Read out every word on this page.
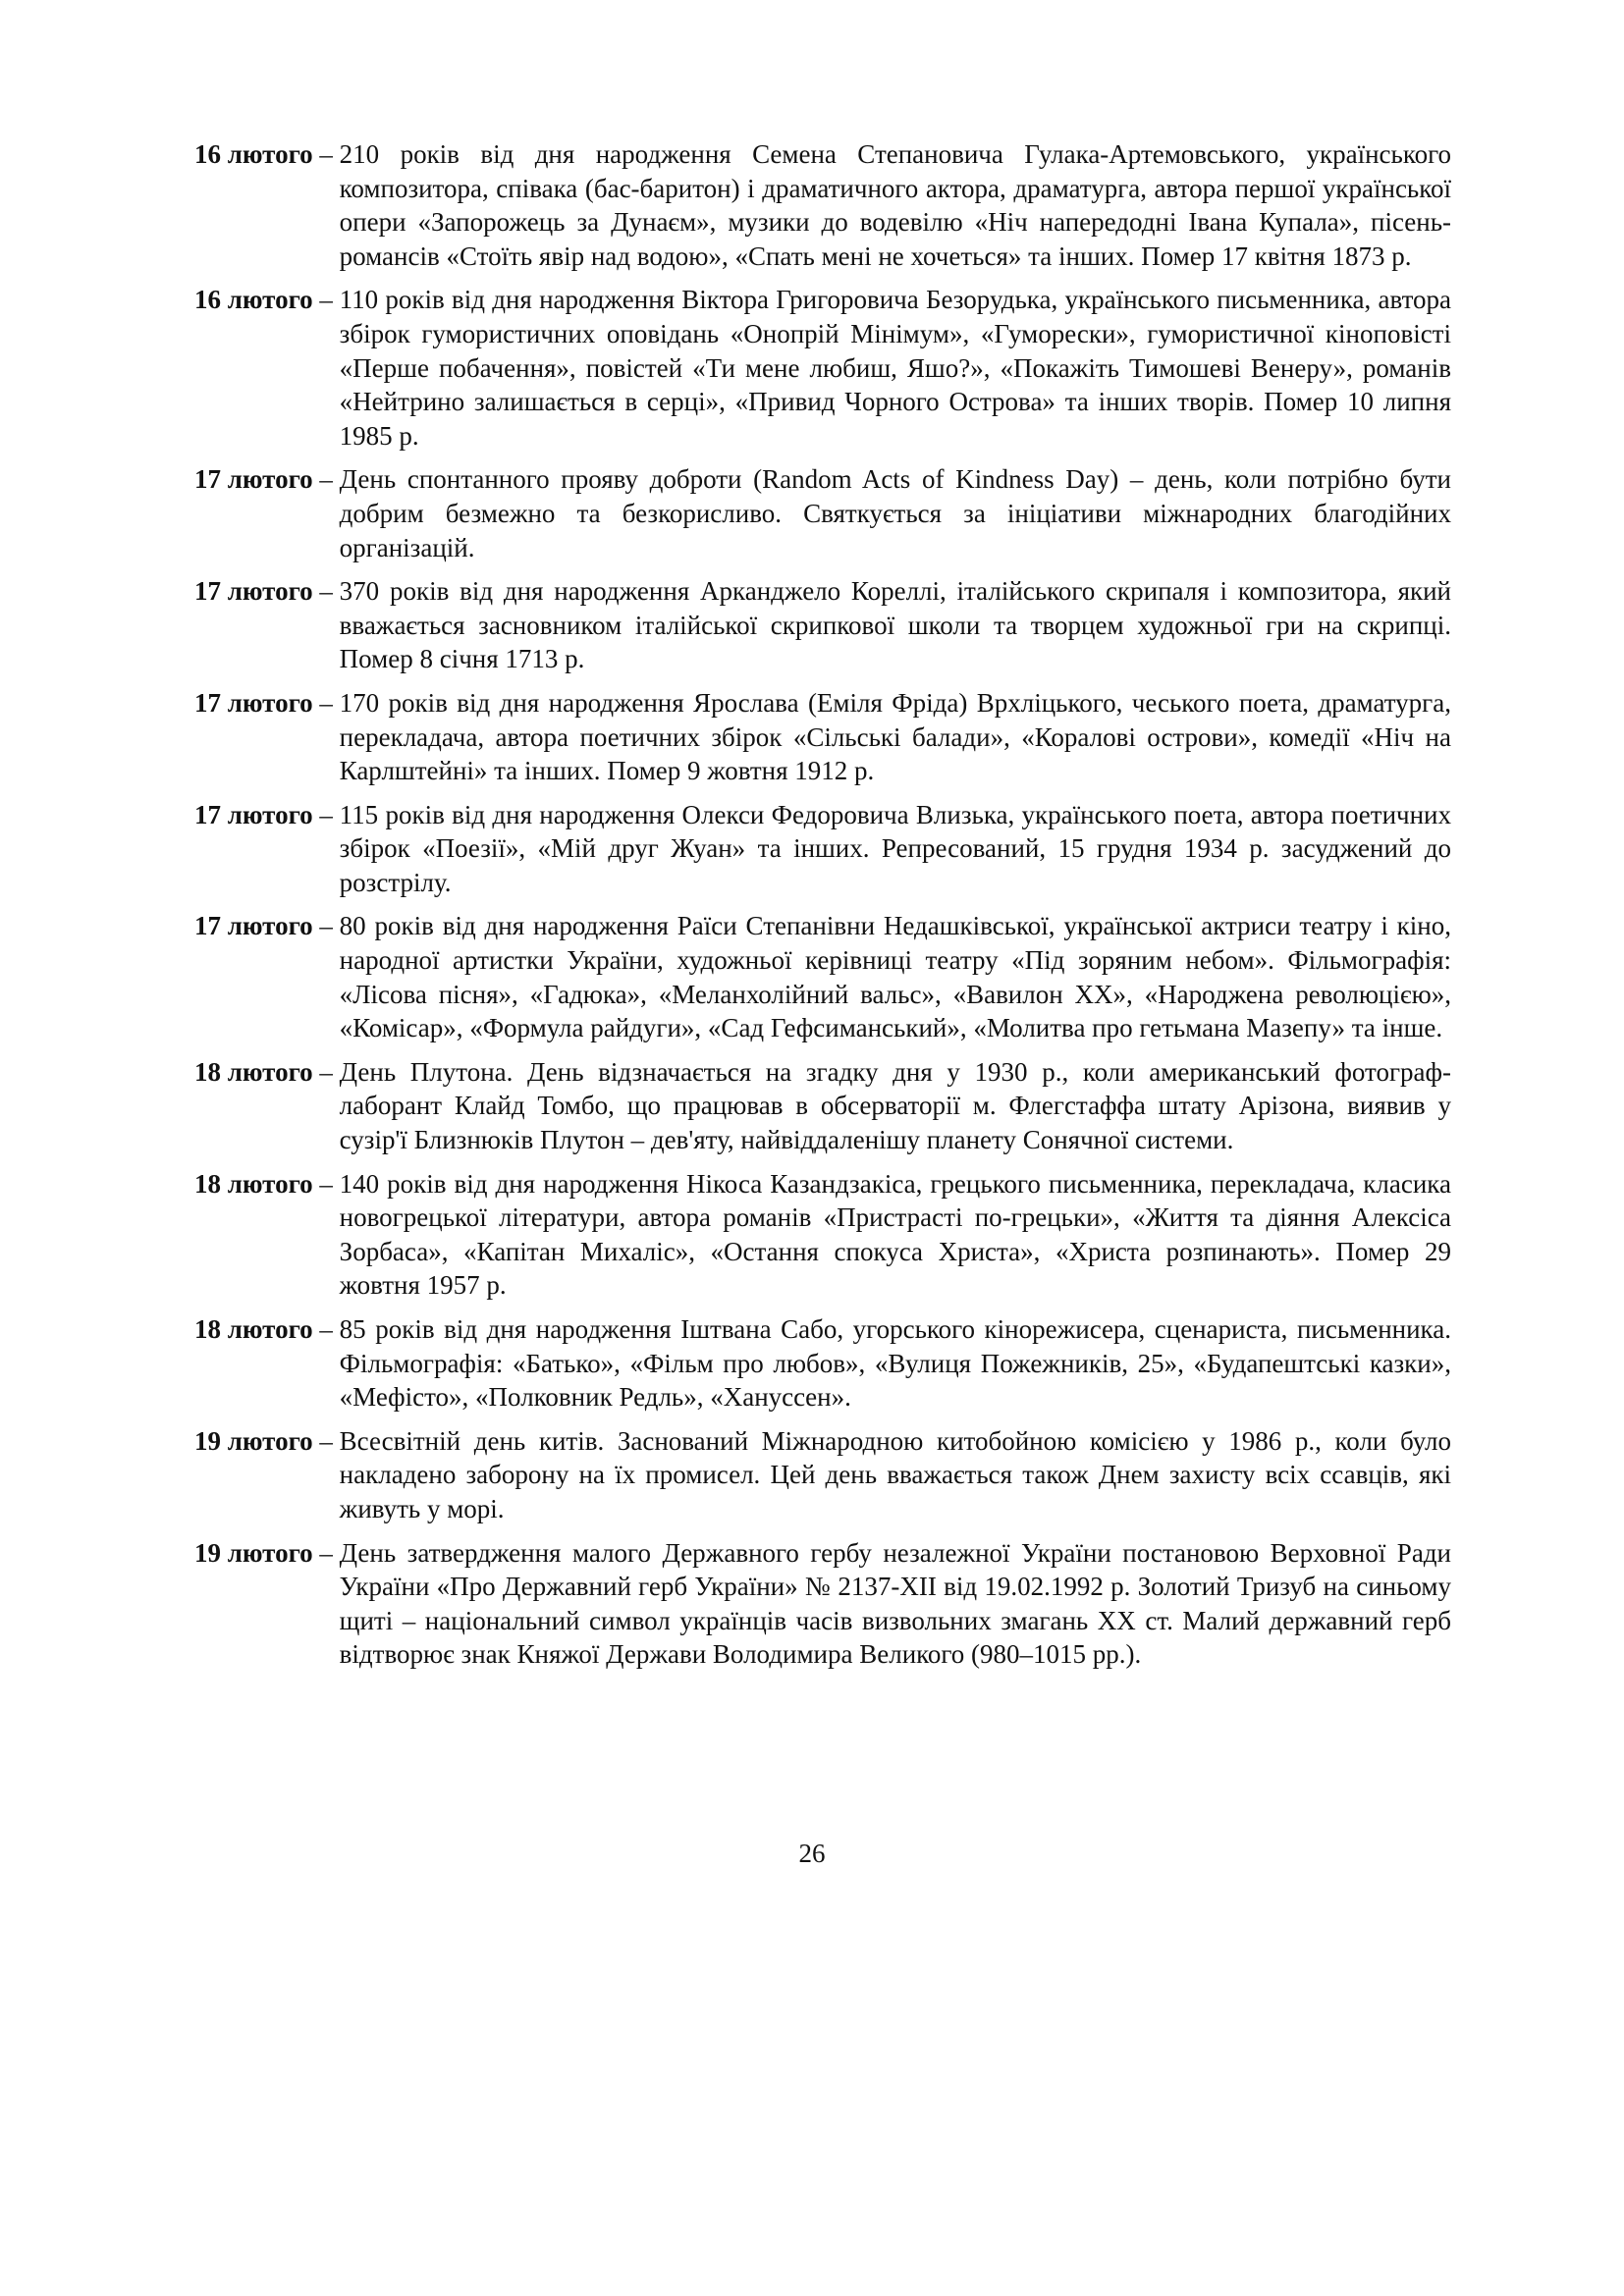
16 лютого – 210 років від дня народження Семена Степановича Гулака-Артемовського, українського композитора, співака (бас-баритон) і драматичного актора, драматурга, автора першої української опери «Запорожець за Дунаєм», музики до водевілю «Ніч напередодні Івана Купала», пісень-романсів «Стоїть явір над водою», «Спать мені не хочеться» та інших. Помер 17 квітня 1873 р.
16 лютого – 110 років від дня народження Віктора Григоровича Безорудька, українського письменника, автора збірок гумористичних оповідань «Онопрій Мінімум», «Гуморески», гумористичної кіноповісті «Перше побачення», повістей «Ти мене любиш, Яшо?», «Покажіть Тимошеві Венеру», романів «Нейтрино залишається в серці», «Привид Чорного Острова» та інших творів. Помер 10 липня 1985 р.
17 лютого – День спонтанного прояву доброти (Random Acts of Kindness Day) – день, коли потрібно бути добрим безмежно та безкорисливо. Святкується за ініціативи міжнародних благодійних організацій.
17 лютого – 370 років від дня народження Арканджело Кореллі, італійського скрипаля і композитора, який вважається засновником італійської скрипкової школи та творцем художньої гри на скрипці. Помер 8 січня 1713 р.
17 лютого – 170 років від дня народження Ярослава (Еміля Фріда) Врхліцького, чеського поета, драматурга, перекладача, автора поетичних збірок «Сільські балади», «Коралові острови», комедії «Ніч на Карлштейні» та інших. Помер 9 жовтня 1912 р.
17 лютого – 115 років від дня народження Олекси Федоровича Влизька, українського поета, автора поетичних збірок «Поезії», «Мій друг Жуан» та інших. Репресований, 15 грудня 1934 р. засуджений до розстрілу.
17 лютого – 80 років від дня народження Раїси Степанівни Недашківської, української актриси театру і кіно, народної артистки України, художньої керівниці театру «Під зоряним небом». Фільмографія: «Лісова пісня», «Гадюка», «Меланхолійний вальс», «Вавилон ХХ», «Народжена революцією», «Комісар», «Формула райдуги», «Сад Гефсиманський», «Молитва про гетьмана Мазепу» та інше.
18 лютого – День Плутона. День відзначається на згадку дня у 1930 р., коли американський фотограф-лаборант Клайд Томбо, що працював в обсерваторії м. Флегстаффа штату Арізона, виявив у сузір'ї Близнюків Плутон – дев'яту, найвіддаленішу планету Сонячної системи.
18 лютого – 140 років від дня народження Нікоса Казандзакіса, грецького письменника, перекладача, класика новогрецької літератури, автора романів «Пристрасті по-грецьки», «Життя та діяння Алексіса Зорбаса», «Капітан Михаліс», «Остання спокуса Христа», «Христа розпинають». Помер 29 жовтня 1957 р.
18 лютого – 85 років від дня народження Іштвана Сабо, угорського кінорежисера, сценариста, письменника. Фільмографія: «Батько», «Фільм про любов», «Вулиця Пожежників, 25», «Будапештські казки», «Мефісто», «Полковник Редль», «Ханусcен».
19 лютого – Всесвітній день китів. Заснований Міжнародною китобойною комісією у 1986 р., коли було накладено заборону на їх промисел. Цей день вважається також Днем захисту всіх ссавців, які живуть у морі.
19 лютого – День затвердження малого Державного гербу незалежної України постановою Верховної Ради України «Про Державний герб України» № 2137-XII від 19.02.1992 р. Золотий Тризуб на синьому щиті – національний символ українців часів визвольних змагань XX ст. Малий державний герб відтворює знак Княжої Держави Володимира Великого (980–1015 рр.).
26
